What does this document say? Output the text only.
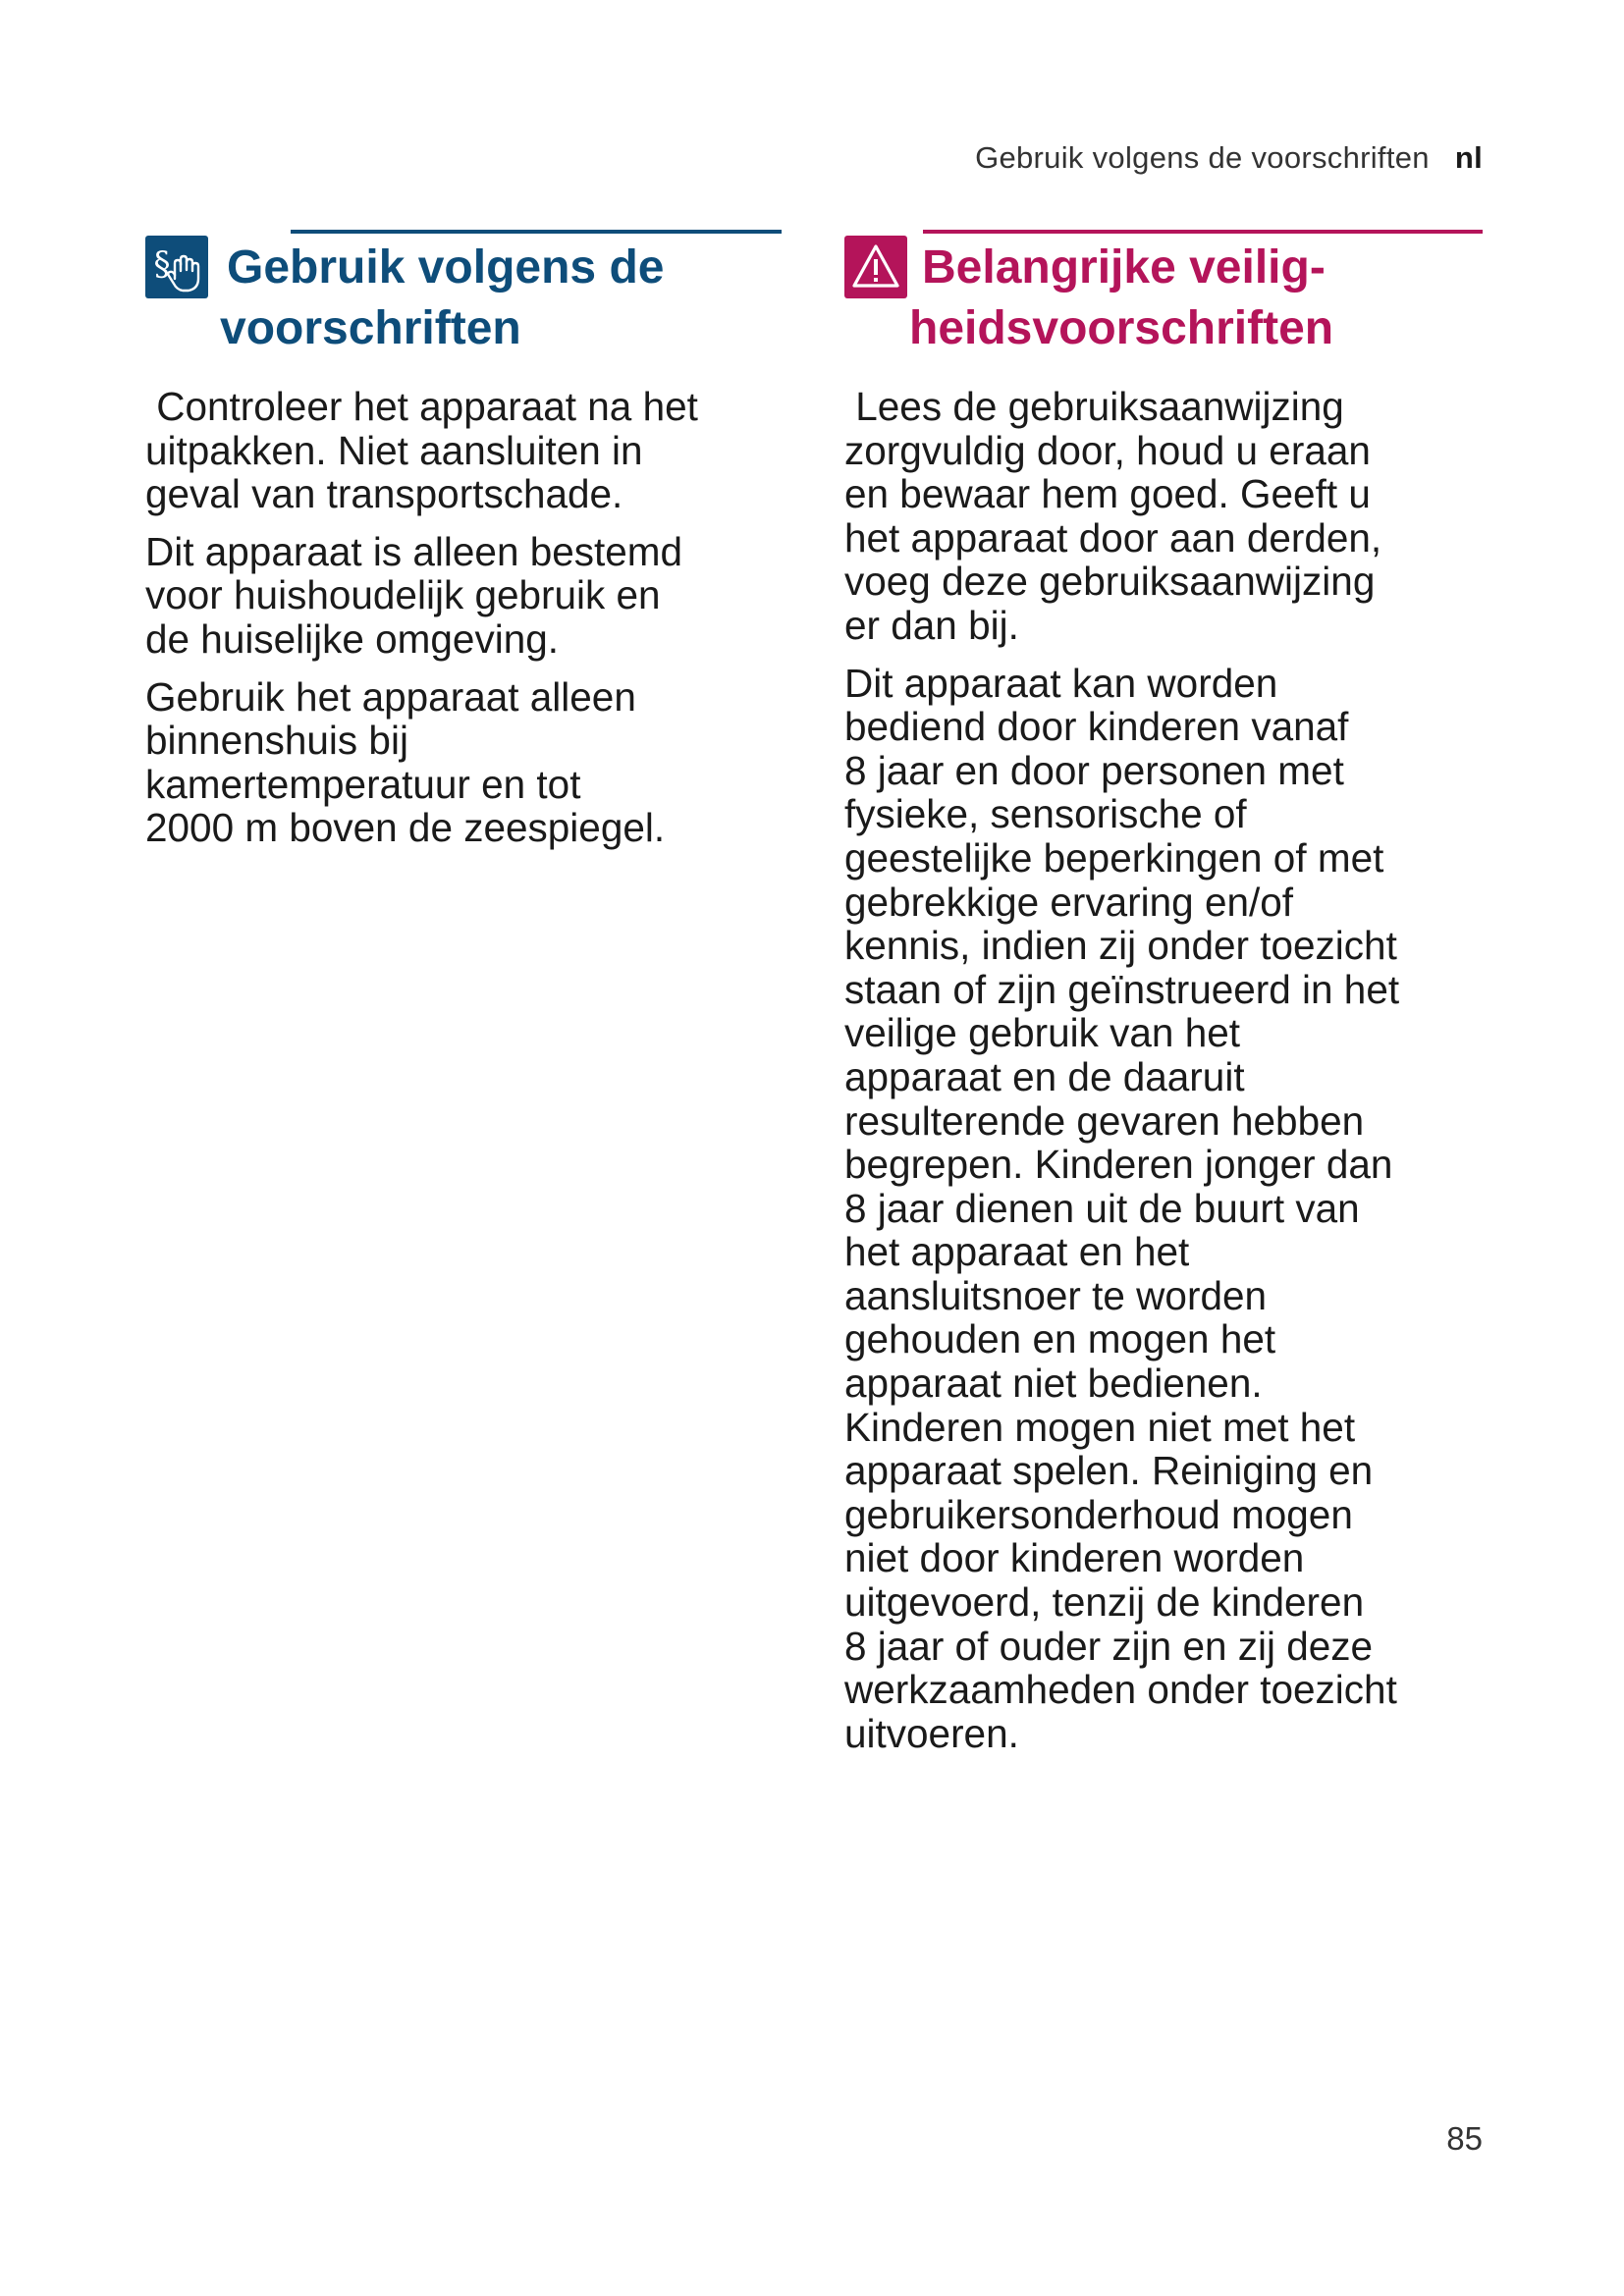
Gebruik volgens de voorschriften nl
§ Gebruik volgens de
voorschriften

Controleer het apparaat na het
uitpakken. Niet aansluiten in
geval van transportschade.

Dit apparaat is alleen bestemd
voor huishoudelijk gebruik en
de huiselijke omgeving.

Gebruik het apparaat alleen
binnenshuis bij
kamertemperatuur en tot
2000 m boven de zeespiegel.

Belangrijke veilig-
heidsvoorschriften

Lees de gebruiksaanwijzing
zorgvuldig door, houd u eraan
en bewaar hem goed. Geeft u
het apparaat door aan derden,
voeg deze gebruiksaanwijzing
er dan bij.

Dit apparaat kan worden
bediend door kinderen vanaf
8 jaar en door personen met
fysieke, sensorische of
geestelijke beperkingen of met
gebrekkige ervaring en/of
kennis, indien zij onder toezicht
staan of zijn geïnstrueerd in het
veilige gebruik van het
apparaat en de daaruit
resulterende gevaren hebben
begrepen. Kinderen jonger dan
8 jaar dienen uit de buurt van
het apparaat en het
aansluitsnoer te worden
gehouden en mogen het
apparaat niet bedienen.
Kinderen mogen niet met het
apparaat spelen. Reiniging en
gebruikersonderhoud mogen
niet door kinderen worden
uitgevoerd, tenzij de kinderen
8 jaar of ouder zijn en zij deze
werkzaamheden onder toezicht
uitvoeren.

85
